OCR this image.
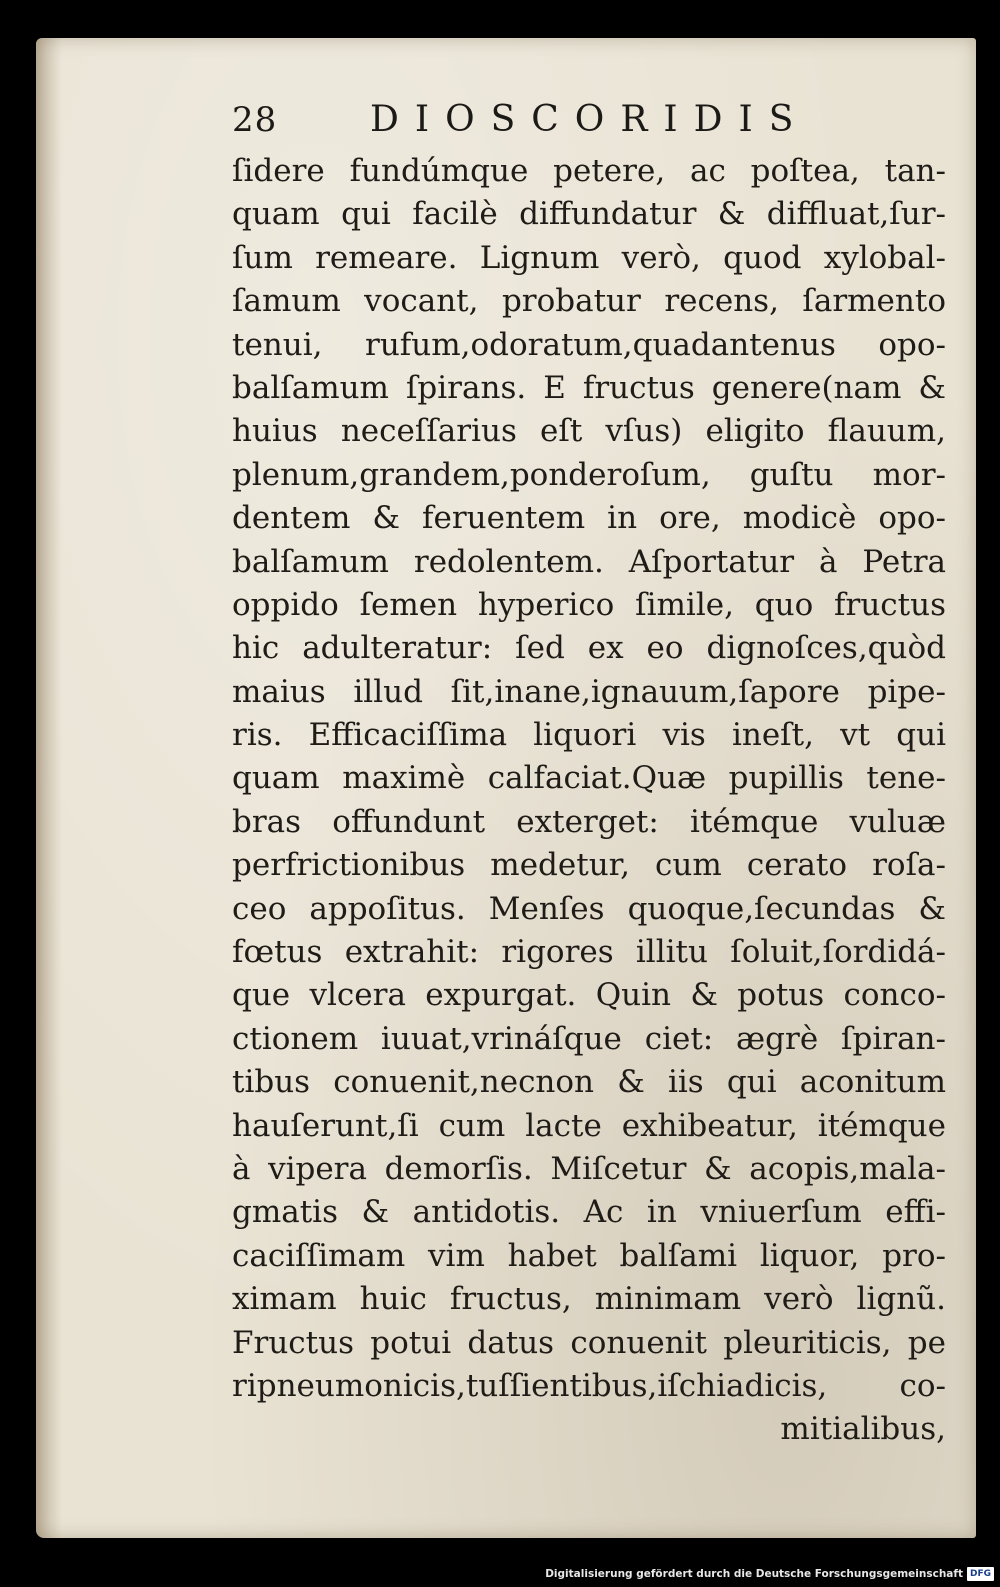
28	DIOSCORIDIS
ſidere fundúmque petere, ac poſtea, tan-
quam qui facilè diffundatur & diffluat,ſur-
ſum remeare. Lignum verò, quod xylobal-
ſamum vocant, probatur recens, ſarmento
tenui, rufum,odoratum,quadantenus opo-
balſamum ſpirans. E fructus genere(nam &
huius neceſſarius eſt vſus) eligito flauum,
plenum,grandem,ponderoſum, guſtu mor-
dentem & feruentem in ore, modicè opo-
balſamum redolentem. Aſportatur à Petra
oppido ſemen hyperico ſimile, quo fructus
hic adulteratur: ſed ex eo dignoſces,quòd
maius illud ſit,inane,ignauum,ſapore pipe-
ris. Efficaciſſima liquori vis ineſt, vt qui
quam maximè calfaciat.Quæ pupillis tene-
bras offundunt exterget: itémque vuluæ
perfrictionibus medetur, cum cerato roſa-
ceo appoſitus. Menſes quoque,ſecundas &
fœtus extrahit: rigores illitu ſoluit,ſordidá-
que vlcera expurgat. Quin & potus conco-
ctionem iuuat,vrináſque ciet: ægrè ſpiran-
tibus conuenit,necnon & iis qui aconitum
hauſerunt,ſi cum lacte exhibeatur, itémque
à vipera demorſis. Miſcetur & acopis,mala-
gmatis & antidotis. Ac in vniuerſum effi-
caciſſimam vim habet balſami liquor, pro-
ximam huic fructus, minimam verò lignũ.
Fructus potui datus conuenit pleuriticis, pe
ripneumonicis,tuſſientibus,iſchiadicis, co-
mitialibus,
Digitalisierung gefördert durch die Deutsche Forschungsgemeinschaft DFG
